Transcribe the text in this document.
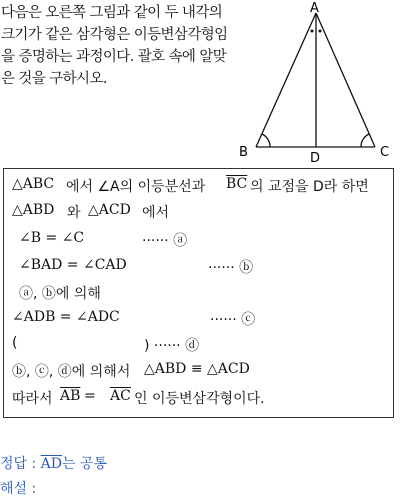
다음은 오른쪽 그림과 같이 두 내각의
크기가 같은 삼각형은 이등변삼각형임
을 증명하는 과정이다. 괄호 속에 알맞
은 것을 구하시오.
A
B	C
D
△ABC 에서 ∠A의 이등분선과 $\overline{BC}$ 의 교점을 D라 하면
△ABD 와 △ACD 에서
∠B = ∠C	······ ⓐ
∠BAD = ∠CAD	······ ⓑ
ⓐ, ⓑ에 의해
∠ADB = ∠ADC	······ ⓒ
(	) ······ ⓓ
ⓑ, ⓒ, ⓓ에 의해서 △ABD ≡ △ACD
따라서 $\overline{AB} = \overline{AC}$ 인 이등변삼각형이다.
정답 : $\overline{AD}$는 공통
해설 :
